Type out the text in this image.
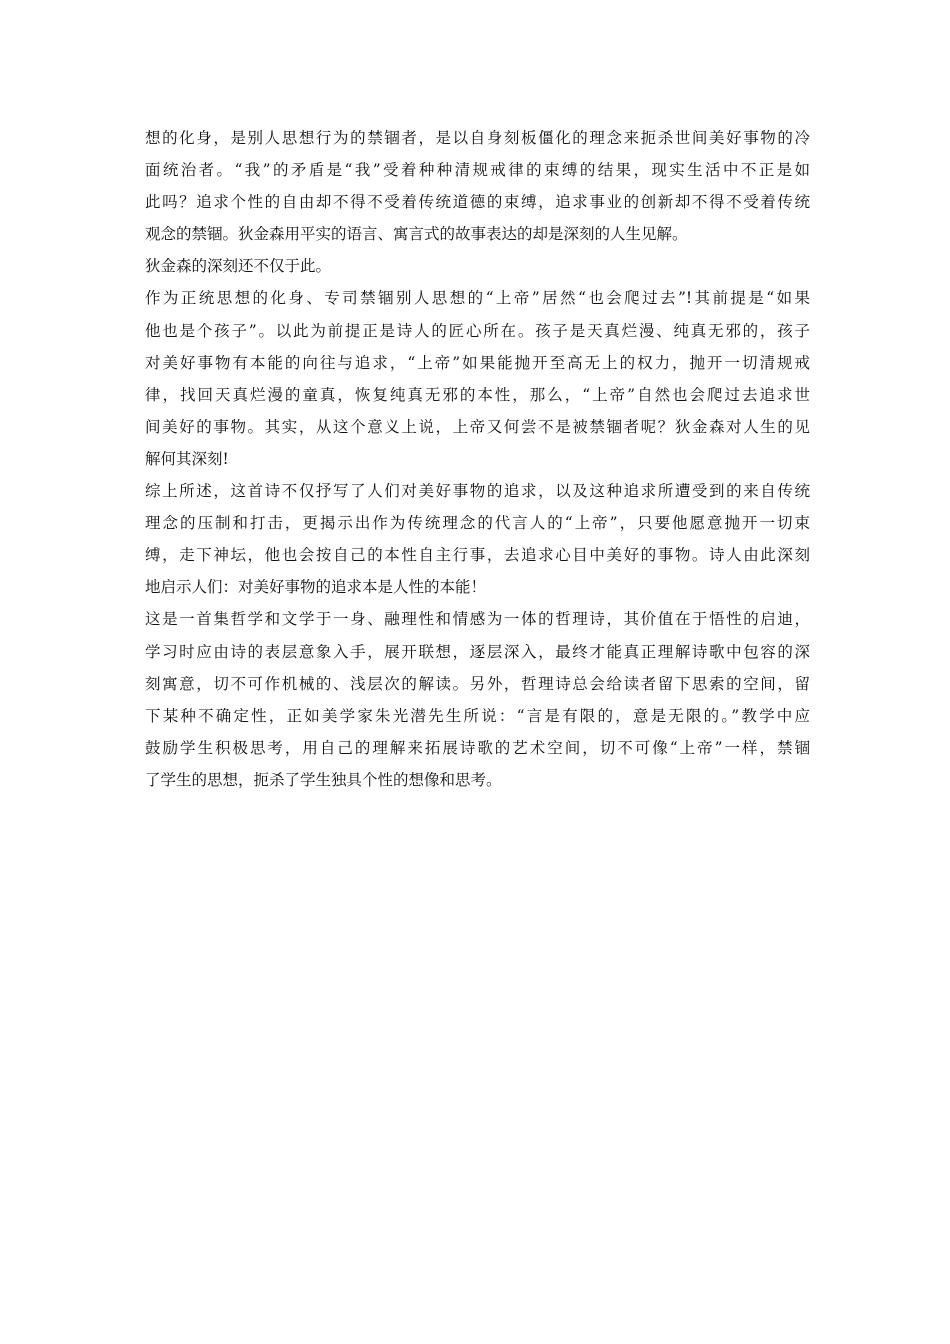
想的化身，是别人思想行为的禁锢者，是以自身刻板僵化的理念来扼杀世间美好事物的冷
面统治者。“我”的矛盾是“我”受着种种清规戒律的束缚的结果，现实生活中不正是如
此吗？追求个性的自由却不得不受着传统道德的束缚，追求事业的创新却不得不受着传统
观念的禁锢。狄金森用平实的语言、寓言式的故事表达的却是深刻的人生见解。
狄金森的深刻还不仅于此。
作为正统思想的化身、专司禁锢别人思想的“上帝”居然“也会爬过去”!其前提是“如果
他也是个孩子”。以此为前提正是诗人的匠心所在。孩子是天真烂漫、纯真无邪的，孩子
对美好事物有本能的向往与追求，“上帝”如果能抛开至高无上的权力，抛开一切清规戒
律，找回天真烂漫的童真，恢复纯真无邪的本性，那么，“上帝”自然也会爬过去追求世
间美好的事物。其实，从这个意义上说，上帝又何尝不是被禁锢者呢？狄金森对人生的见
解何其深刻!
综上所述，这首诗不仅抒写了人们对美好事物的追求，以及这种追求所遭受到的来自传统
理念的压制和打击，更揭示出作为传统理念的代言人的“上帝”，只要他愿意抛开一切束
缚，走下神坛，他也会按自己的本性自主行事，去追求心目中美好的事物。诗人由此深刻
地启示人们：对美好事物的追求本是人性的本能！
这是一首集哲学和文学于一身、融理性和情感为一体的哲理诗，其价值在于悟性的启迪，
学习时应由诗的表层意象入手，展开联想，逐层深入，最终才能真正理解诗歌中包容的深
刻寓意，切不可作机械的、浅层次的解读。另外，哲理诗总会给读者留下思索的空间，留
下某种不确定性，正如美学家朱光潜先生所说：“言是有限的，意是无限的。”教学中应
鼓励学生积极思考，用自己的理解来拓展诗歌的艺术空间，切不可像“上帝”一样，禁锢
了学生的思想，扼杀了学生独具个性的想像和思考。
